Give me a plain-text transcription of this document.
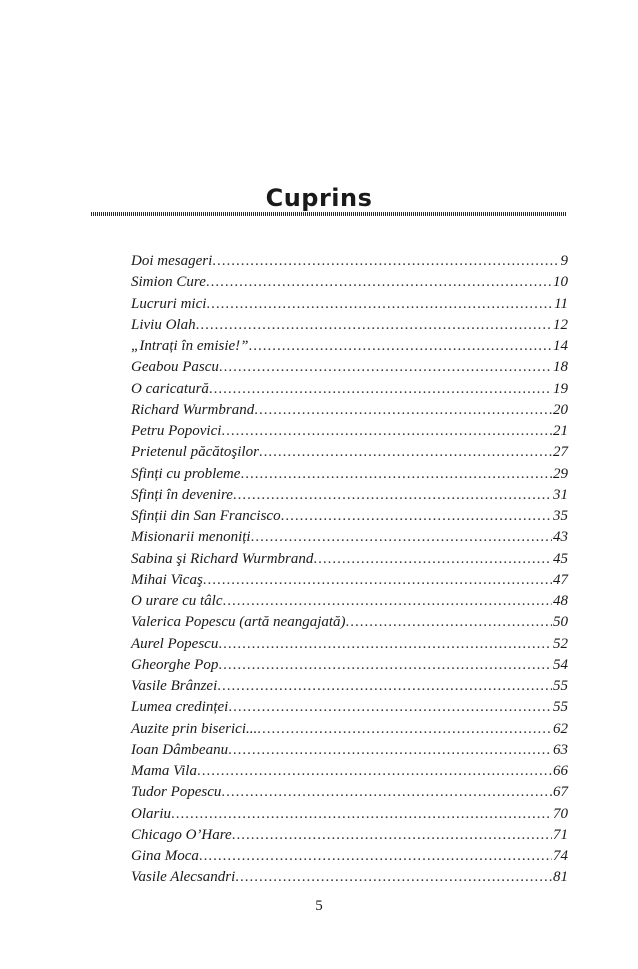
Cuprins
Doi mesageri .....	9
Simion Cure .....	10
Lucruri mici .....	11
Liviu Olah .....	12
„Intrați în emisie!” .....	14
Geabou Pascu .....	18
O caricatură .....	19
Richard Wurmbrand .....	20
Petru Popovici .....	21
Prietenul păcătoşilor .....	27
Sfinți cu probleme .....	29
Sfinți în devenire .....	31
Sfinții din San Francisco .....	35
Misionarii menoniți .....	43
Sabina şi Richard Wurmbrand .....	45
Mihai Vicaş .....	47
O urare cu tâlc .....	48
Valerica Popescu (artă neangajată) .....	50
Aurel Popescu .....	52
Gheorghe Pop .....	54
Vasile Brânzei .....	55
Lumea credinței .....	55
Auzite prin biserici... .....	62
Ioan Dâmbeanu .....	63
Mama Vila .....	66
Tudor Popescu .....	67
Olariu .....	70
Chicago O’Hare .....	71
Gina Moca .....	74
Vasile Alecsandri .....	81
5
